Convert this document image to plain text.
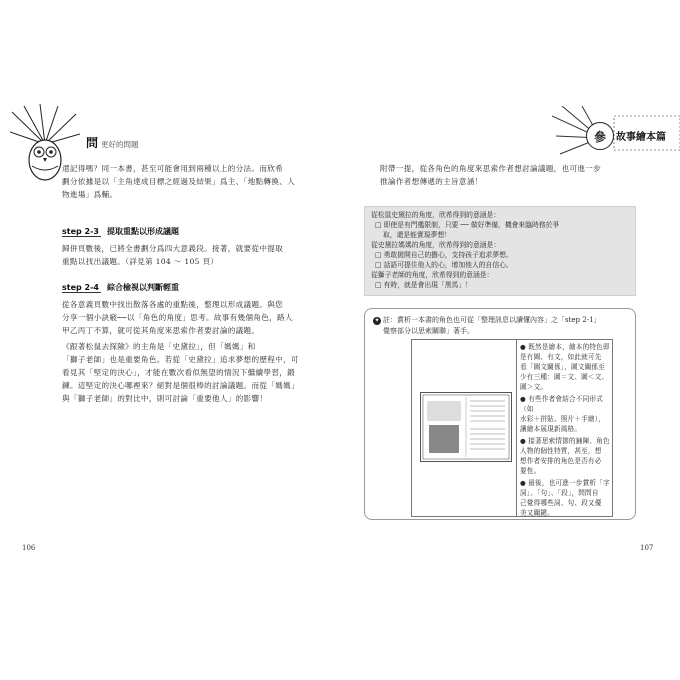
問 更好的問題
還記得嗎？同一本書，甚至可能會用到兩種以上的分法。而欣希
劃分依據是以「主角達成目標之經過及結果」爲主、「地點轉換、人
物進場」爲輔。
step 2-3 提取重點以形成議題
歸併頁數後，已將全書劃分爲四大意義段。接著，就要從中提取
重點以找出議題。（詳見第 104 ～ 105 頁）
step 2-4 綜合檢視以判斷輕重
從各意義頁數中找出散落各處的重點後，整理以形成議題。與您
分享一個小訣竅──以「角色的角度」思考。故事有幾個角色，路人
甲乙丙丁不算，就可從其角度來思索作者要討論的議題。
《跟著松鼠去探險》的主角是「史黛拉」，但「媽媽」和
「獅子老師」也是重要角色。若從「史黛拉」追求夢想的歷程中，可
看見其「堅定的決心」，才能在數次看似無望的情況下繼續學習，鍛
鍊。這堅定的決心哪裡來？絕對是個很棒的討論議題。而從「媽媽」
與「獅子老師」的對比中，則可討論「重要他人」的影響！
106
參	故事繪本篇
附帶一提，從各角色的角度來思索作者想討論議題，也可進一步
推論作者想傳遞的主旨意涵！
從松鼠史黛拉的角度，欣希得到的意涵是：
□ 即使是有門檻限制，只要 ── 做好準備，機會來臨時務於爭
取，還是能實現夢想！
從史黛拉媽媽的角度，欣希得到的意涵是：
□ 勇敢拋開自己的擔心，支持孩子追求夢想。
□ 話語可提住他人的心，增加他人的自信心。
從獅子老師的角度，欣希得到的意涵是：
□ 有時，就是會出現「黑馬」！
✦ 註：賞析一本書的角色也可從「整理訊息以讀懂內容」之「step 2-1」
覺察部分以思索關聯」著手。
● 既然是繪本，繪本的特色即
是有圖、有文，如此就可先
看「圖文關係」，圖文關係至
少有三種：圖＝文、圖＜文、
圖＞文。
● 有些作者會結合不同形式（如
水彩＋拼貼、照片＋手繪），
讓繪本展現新風格。
● 接著思索情節的鋪陳、角色
人物的個性特質，甚至，想
想作者安排的角色是否有必
要性。
● 最後，也可進一步賞析「字
詞」、「句」、「段」，問問自
己覺得哪些詞、句、段又優
美又關鍵。
107
